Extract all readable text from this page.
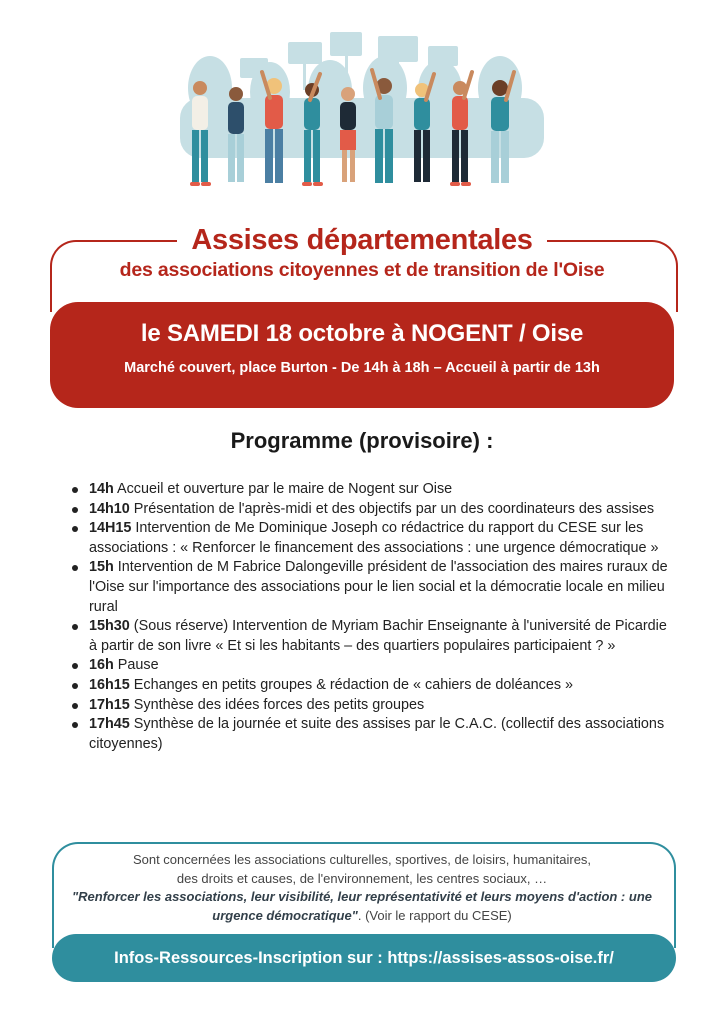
Assises départementales
des associations citoyennes et de transition de l'Oise
le SAMEDI 18 octobre à NOGENT / Oise
Marché couvert, place Burton - De 14h à 18h – Accueil à partir de 13h
Programme (provisoire) :
14h Accueil et ouverture par le maire de Nogent sur Oise
14h10 Présentation de l'après-midi et des objectifs par un des coordinateurs des assises
14H15 Intervention de Me Dominique Joseph co rédactrice du rapport du CESE sur les associations : « Renforcer le financement des associations : une urgence démocratique »
15h Intervention de M Fabrice Dalongeville président de l'association des maires ruraux de l'Oise sur l'importance des associations pour le lien social et la démocratie locale en milieu rural
15h30 (Sous réserve) Intervention de Myriam Bachir Enseignante à l'université de Picardie à partir de son livre « Et si les habitants – des quartiers populaires participaient ? »
16h Pause
16h15 Echanges en petits groupes & rédaction de « cahiers de doléances »
17h15 Synthèse des idées forces des petits groupes
17h45 Synthèse de la journée et suite des assises par le C.A.C. (collectif des associations citoyennes)
Sont concernées les associations culturelles, sportives, de loisirs, humanitaires,
des droits et causes, de l'environnement, les centres sociaux, …
"Renforcer les associations, leur visibilité, leur représentativité et leurs moyens d'action : une urgence démocratique". (Voir le rapport du CESE)
Infos-Ressources-Inscription sur : https://assises-assos-oise.fr/
